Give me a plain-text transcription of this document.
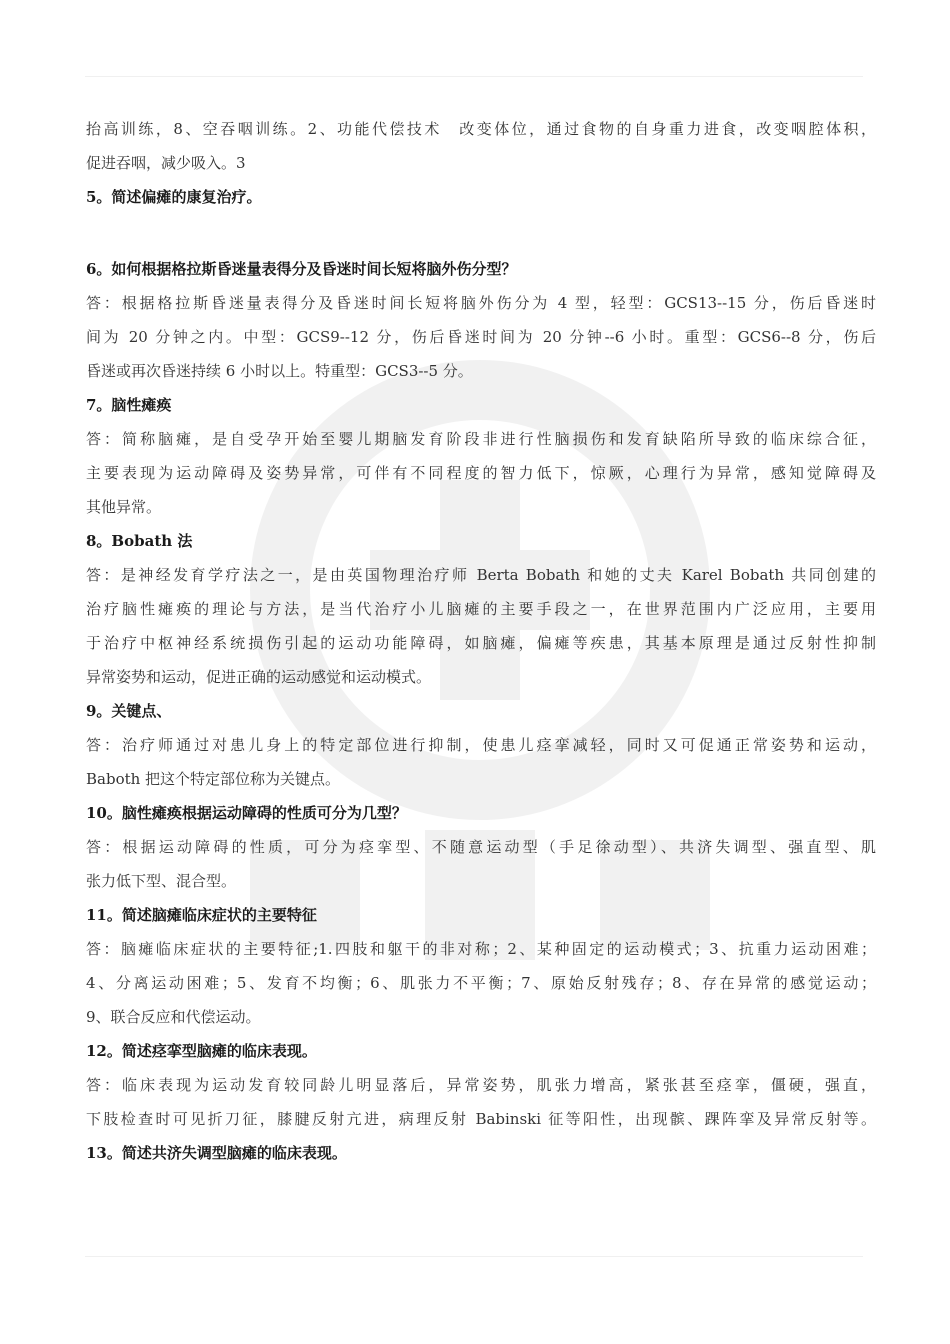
抬高训练，8、空吞咽训练。2、功能代偿技术　改变体位，通过食物的自身重力进食，改变咽腔体积，
促进吞咽，减少吸入。3
5。简述偏瘫的康复治疗。
6。如何根据格拉斯昏迷量表得分及昏迷时间长短将脑外伤分型？
答：根据格拉斯昏迷量表得分及昏迷时间长短将脑外伤分为 4 型，轻型：GCS13--15 分，伤后昏迷时
间为 20 分钟之内。中型：GCS9--12 分，伤后昏迷时间为 20 分钟--6 小时。重型：GCS6--8 分，伤后
昏迷或再次昏迷持续 6 小时以上。特重型：GCS3--5 分。
7。脑性瘫痪
答：简称脑瘫，是自受孕开始至婴儿期脑发育阶段非进行性脑损伤和发育缺陷所导致的临床综合征，
主要表现为运动障碍及姿势异常，可伴有不同程度的智力低下，惊厥，心理行为异常，感知觉障碍及
其他异常。
8。Bobath 法
答：是神经发育学疗法之一，是由英国物理治疗师 Berta Bobath 和她的丈夫 Karel Bobath 共同创建的
治疗脑性瘫痪的理论与方法，是当代治疗小儿脑瘫的主要手段之一，在世界范围内广泛应用，主要用
于治疗中枢神经系统损伤引起的运动功能障碍，如脑瘫，偏瘫等疾患，其基本原理是通过反射性抑制
异常姿势和运动，促进正确的运动感觉和运动模式。
9。关键点、
答：治疗师通过对患儿身上的特定部位进行抑制，使患儿痉挛减轻，同时又可促通正常姿势和运动，
Baboth 把这个特定部位称为关键点。
10。脑性瘫痪根据运动障碍的性质可分为几型？
答：根据运动障碍的性质，可分为痉挛型、不随意运动型（手足徐动型）、共济失调型、强直型、肌
张力低下型、混合型。
11。简述脑瘫临床症状的主要特征
答：脑瘫临床症状的主要特征;1.四肢和躯干的非对称；2、某种固定的运动模式；3、抗重力运动困难；
4、分离运动困难；5、发育不均衡；6、肌张力不平衡；7、原始反射残存；8、存在异常的感觉运动；
9、联合反应和代偿运动。
12。简述痉挛型脑瘫的临床表现。
答：临床表现为运动发育较同龄儿明显落后，异常姿势，肌张力增高，紧张甚至痉挛，僵硬，强直，
下肢检查时可见折刀征，膝腱反射亢进，病理反射 Babinski 征等阳性，出现髌、踝阵挛及异常反射等。
13。简述共济失调型脑瘫的临床表现。
